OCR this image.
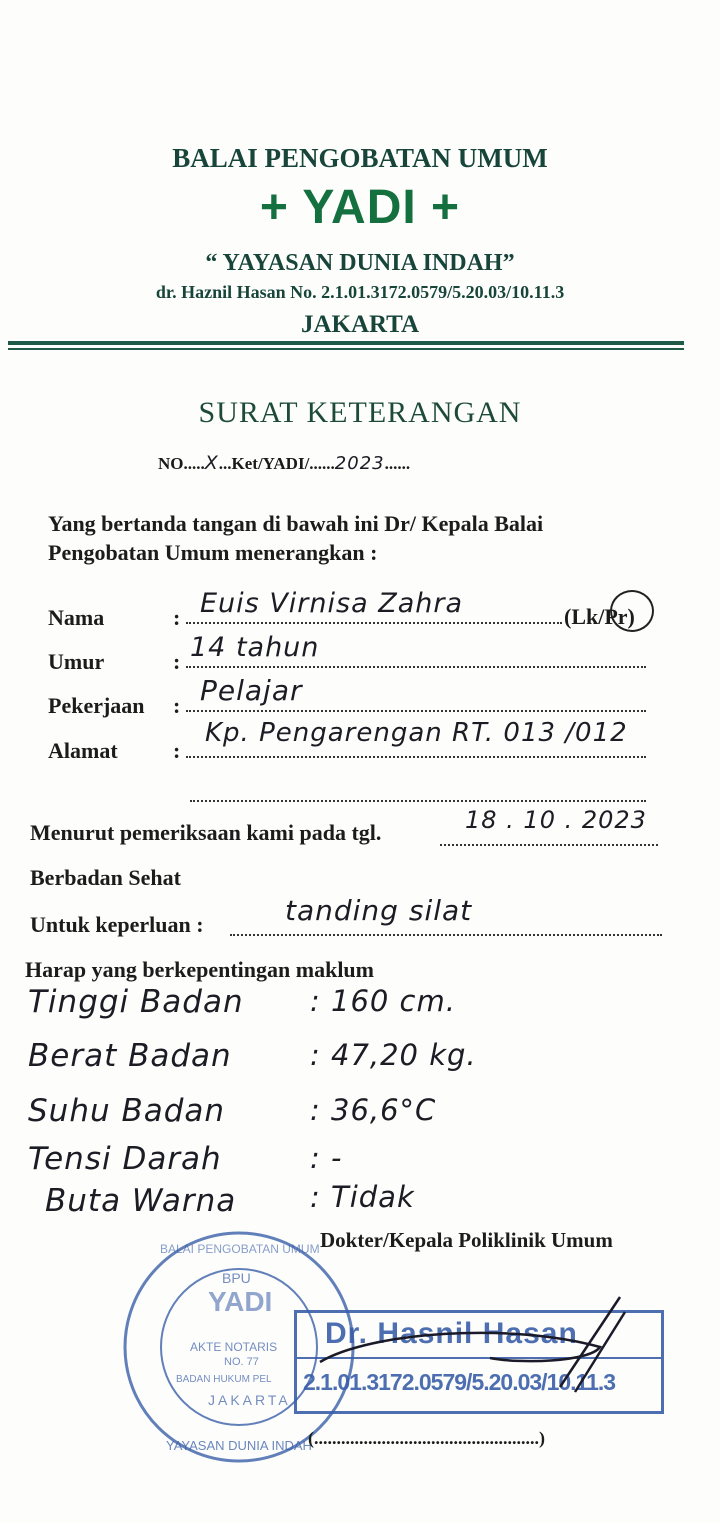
BALAI PENGOBATAN UMUM
+ YADI +
“ YAYASAN DUNIA INDAH”
dr. Haznil Hasan No. 2.1.01.3172.0579/5.20.03/10.11.3
JAKARTA
SURAT KETERANGAN
NO.....X...Ket/YADI/......2023......
Yang bertanda tangan di bawah ini Dr/ Kepala Balai
Pengobatan Umum menerangkan :
Nama	: Euis Virnisa Zahra	(Lk/Pr)
Umur	: 14 tahun
Pekerjaan : Pelajar
Alamat	:
Kp. Pengarengan RT. 013 /012
Menurut pemeriksaan kami pada tgl.	18 . 10 . 2023
Berbadan Sehat
Untuk keperluan :	tanding silat
Harap yang berkepentingan maklum
Tinggi Badan : 160 cm.
Berat Badan	: 47,20 kg.
Suhu Badan	: 36,6°C
Tensi Darah	: -
Buta Warna	: Tidak
Dokter/Kepala Poliklinik Umum
BALAI PENGOBATAN UMUM
YAYASAN DUNIA INDAH
BPU
YADI
AKTE NOTARIS
NO. 77
BADAN HUKUM PEL
JAKARTA
Dr. Hasnil Hasan
2.1.01.3172.0579/5.20.03/10.11.3
(..................................................)
